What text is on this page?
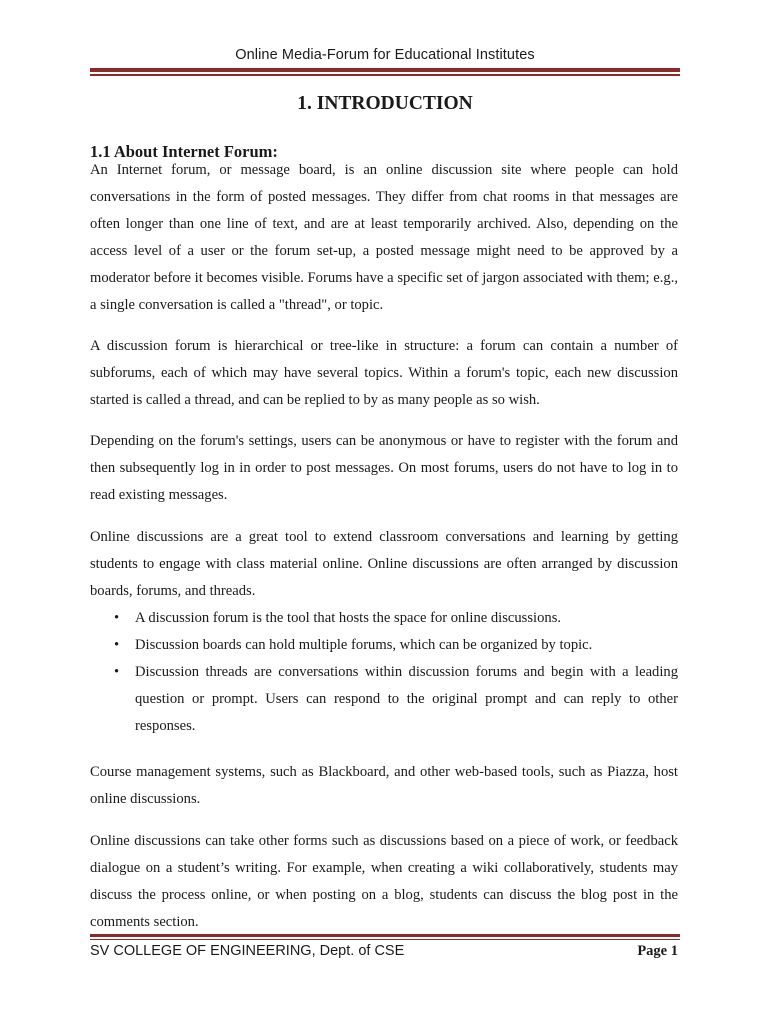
Online Media-Forum for Educational Institutes
1. INTRODUCTION
1.1 About Internet Forum:

An Internet forum, or message board, is an online discussion site where people can hold conversations in the form of posted messages. They differ from chat rooms in that messages are often longer than one line of text, and are at least temporarily archived. Also, depending on the access level of a user or the forum set-up, a posted message might need to be approved by a moderator before it becomes visible. Forums have a specific set of jargon associated with them; e.g., a single conversation is called a "thread", or topic.

A discussion forum is hierarchical or tree-like in structure: a forum can contain a number of subforums, each of which may have several topics. Within a forum's topic, each new discussion started is called a thread, and can be replied to by as many people as so wish.

Depending on the forum's settings, users can be anonymous or have to register with the forum and then subsequently log in in order to post messages. On most forums, users do not have to log in to read existing messages.

Online discussions are a great tool to extend classroom conversations and learning by getting students to engage with class material online. Online discussions are often arranged by discussion boards, forums, and threads.

• A discussion forum is the tool that hosts the space for online discussions.
• Discussion boards can hold multiple forums, which can be organized by topic.
• Discussion threads are conversations within discussion forums and begin with a leading question or prompt. Users can respond to the original prompt and can reply to other responses.

Course management systems, such as Blackboard, and other web-based tools, such as Piazza, host online discussions.

Online discussions can take other forms such as discussions based on a piece of work, or feedback dialogue on a student’s writing. For example, when creating a wiki collaboratively, students may discuss the process online, or when posting on a blog, students can discuss the blog post in the comments section.

SV COLLEGE OF ENGINEERING, Dept. of CSE	Page 1
